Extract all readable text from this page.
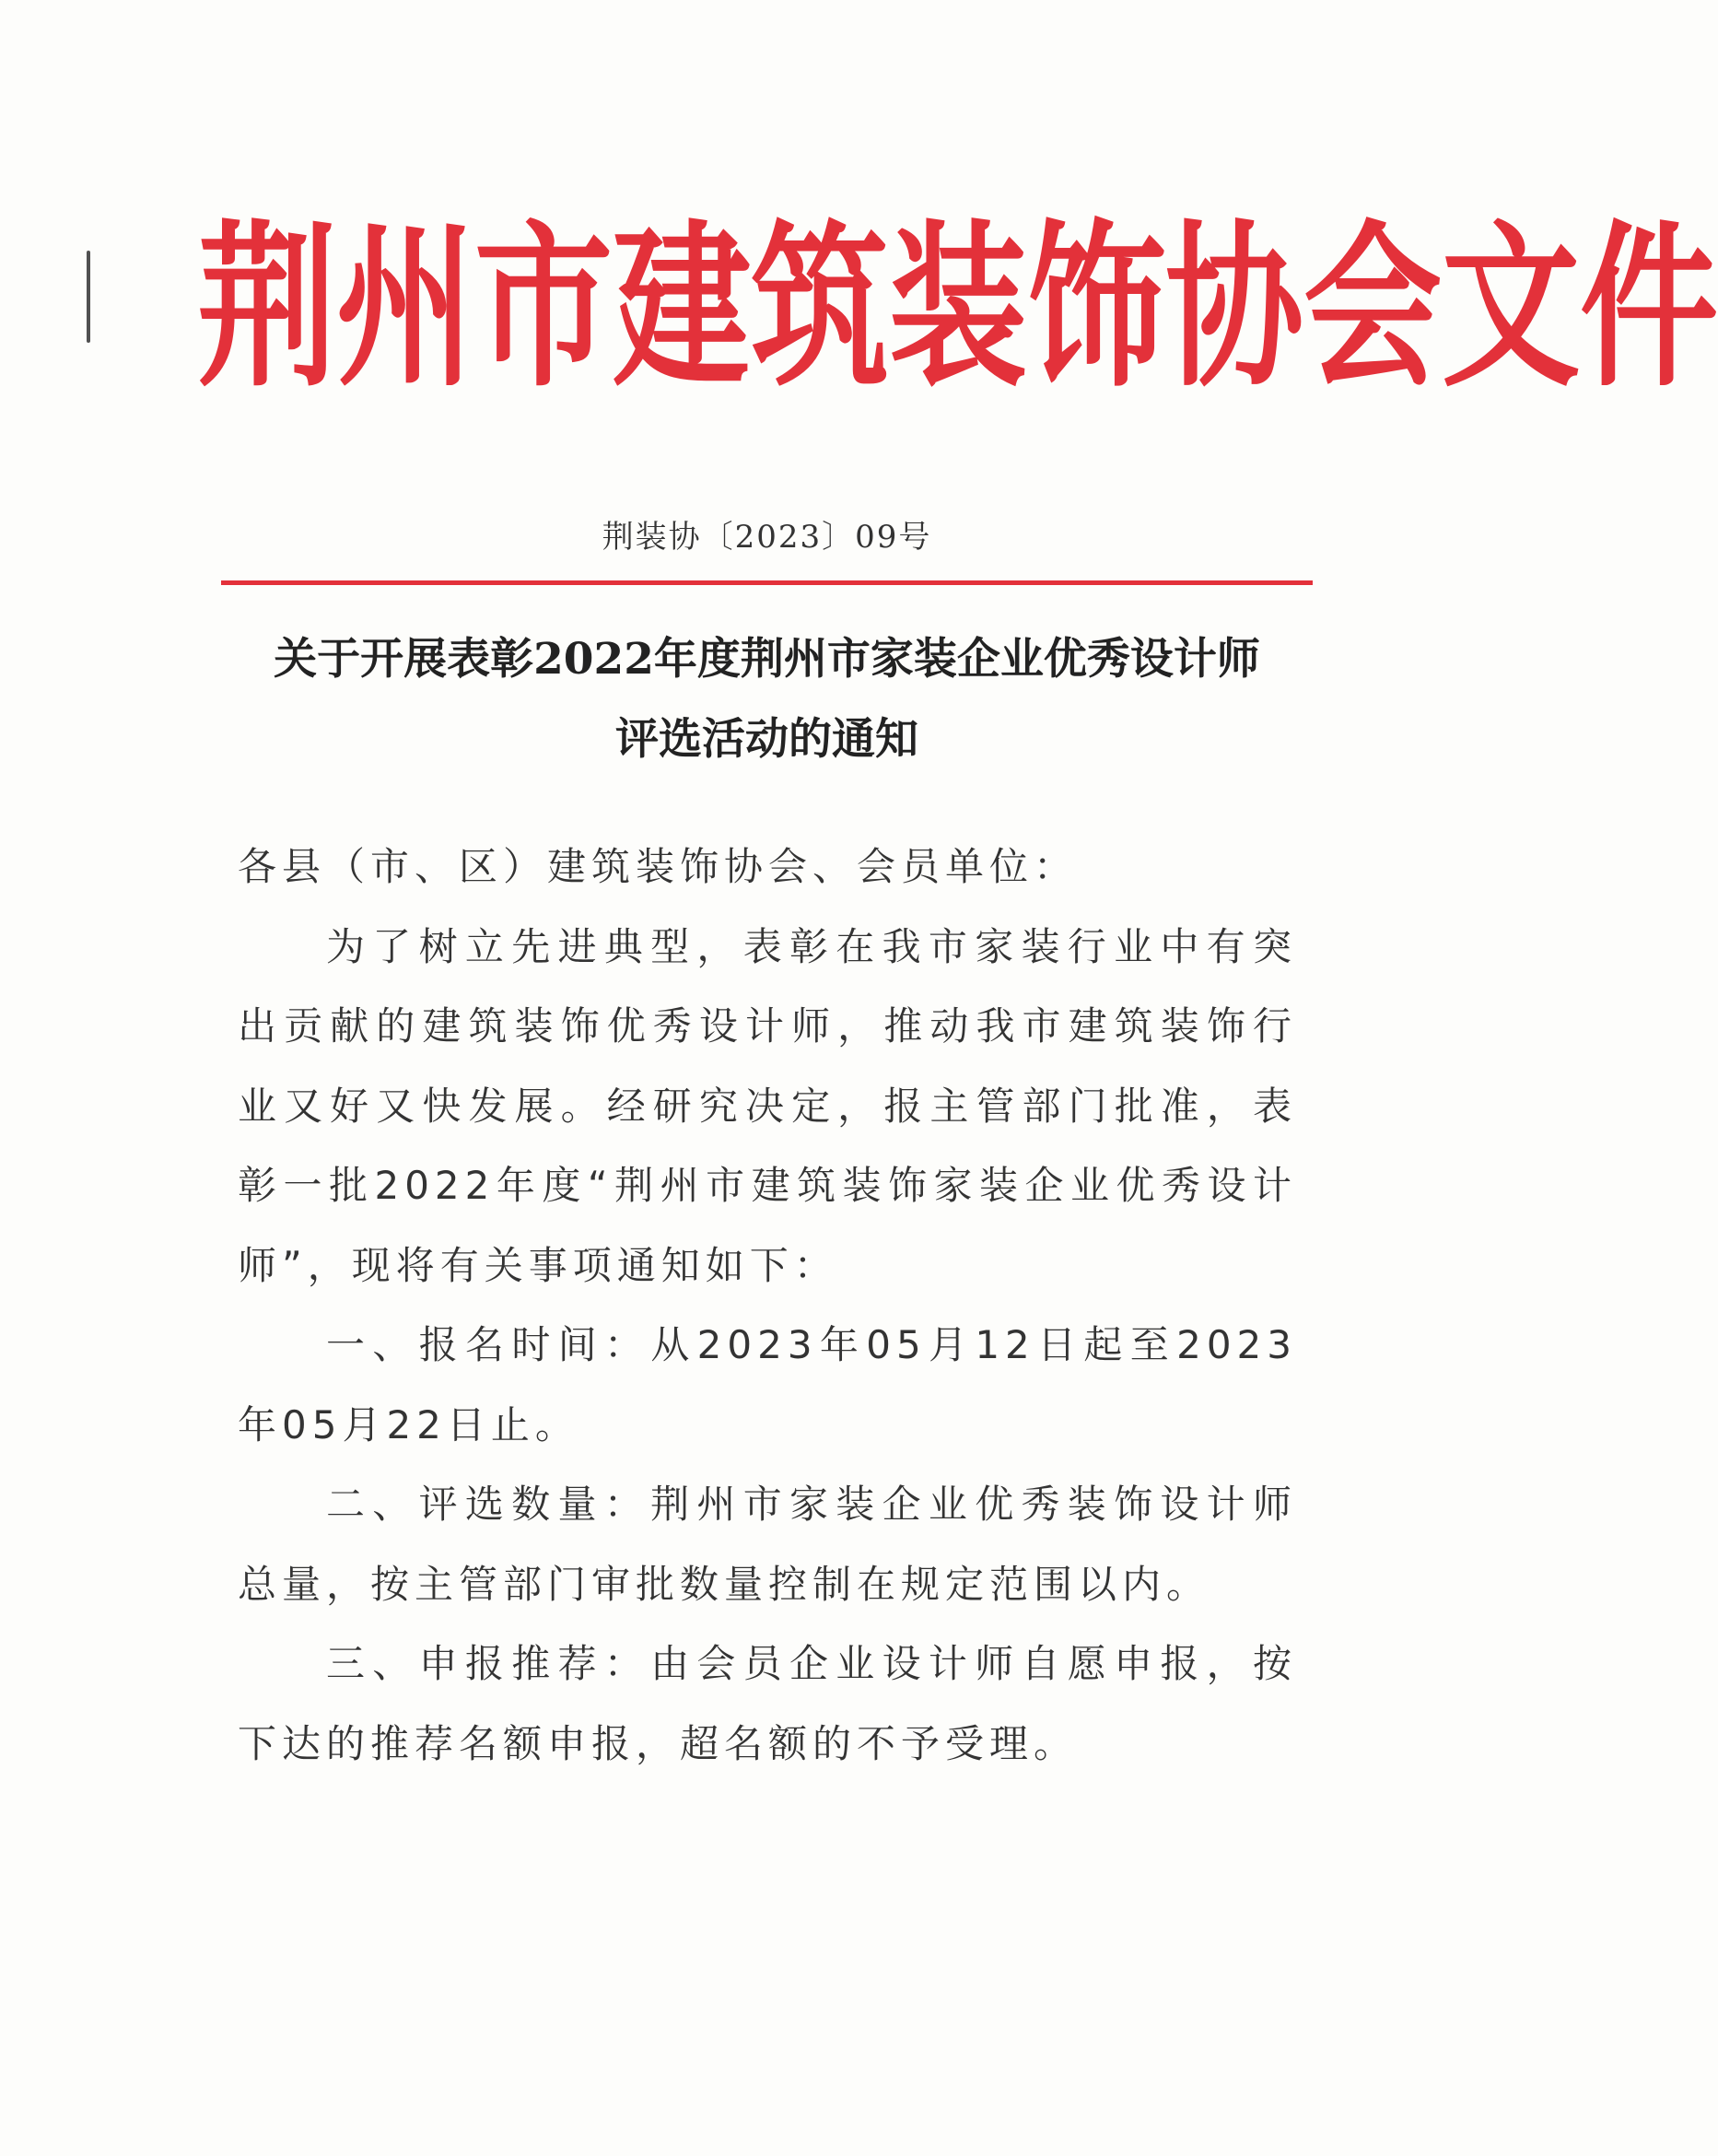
荆 州 市 建 筑 装 饰 协 会 文 件
荆装协〔2023〕09号
关于开展表彰2022年度荆州市家装企业优秀设计师
评选活动的通知

各县（市、区）建筑装饰协会、会员单位：

为了树立先进典型，表彰在我市家装行业中有突出贡献的建筑装饰优秀设计师，推动我市建筑装饰行业又好又快发展。经研究决定，报主管部门批准，表彰一批2022年度“荆州市建筑装饰家装企业优秀设计师”，现将有关事项通知如下：

一、报名时间：从2023年05月12日起至2023年05月22日止。

二、评选数量：荆州市家装企业优秀装饰设计师总量，按主管部门审批数量控制在规定范围以内。

三、申报推荐：由会员企业设计师自愿申报，按下达的推荐名额申报，超名额的不予受理。
